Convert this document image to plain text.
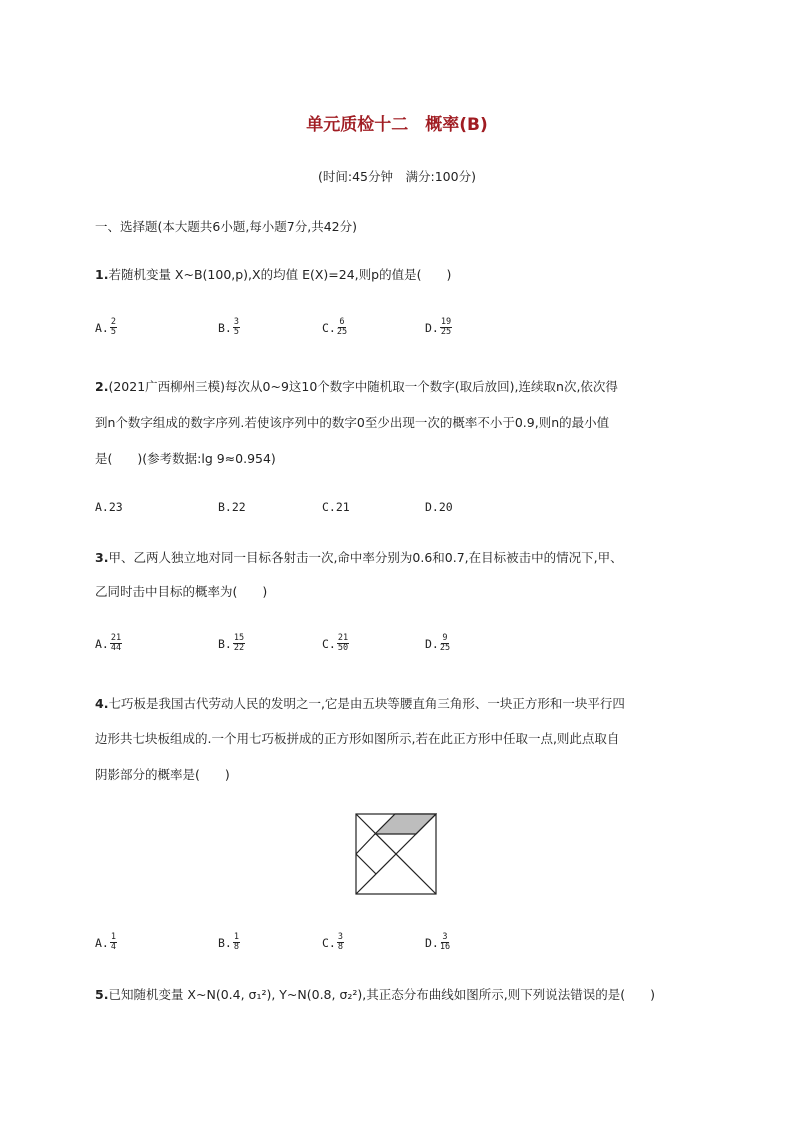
单元质检十二　概率(B)
(时间:45分钟　满分:100分)
一、选择题(本大题共6小题,每小题7分,共42分)
1.若随机变量 X~B(100,p),X的均值 E(X)=24,则p的值是(　　)
A. $\frac{2}{5}$	B. $\frac{3}{5}$	C. $\frac{6}{25}$	D. $\frac{19}{25}$
2.(2021广西柳州三模)每次从0~9这10个数字中随机取一个数字(取后放回),连续取n次,依次得
到n个数字组成的数字序列.若使该序列中的数字0至少出现一次的概率不小于0.9,则n的最小值
是(　　)(参考数据:lg 9≈0.954)
A.23	B.22	C.21	D.20
3.甲、乙两人独立地对同一目标各射击一次,命中率分别为0.6和0.7,在目标被击中的情况下,甲、
乙同时击中目标的概率为(　　)
A. $\frac{21}{44}$	B. $\frac{15}{22}$	C. $\frac{21}{50}$	D. $\frac{9}{25}$
4.七巧板是我国古代劳动人民的发明之一,它是由五块等腰直角三角形、一块正方形和一块平行四
边形共七块板组成的.一个用七巧板拼成的正方形如图所示,若在此正方形中任取一点,则此点取自
阴影部分的概率是(　　)
A. $\frac{1}{4}$	B. $\frac{1}{8}$	C. $\frac{3}{8}$	D. $\frac{3}{16}$
5.已知随机变量 X~N(0.4, σ₁²), Y~N(0.8, σ₂²),其正态分布曲线如图所示,则下列说法错误的是(　　)
